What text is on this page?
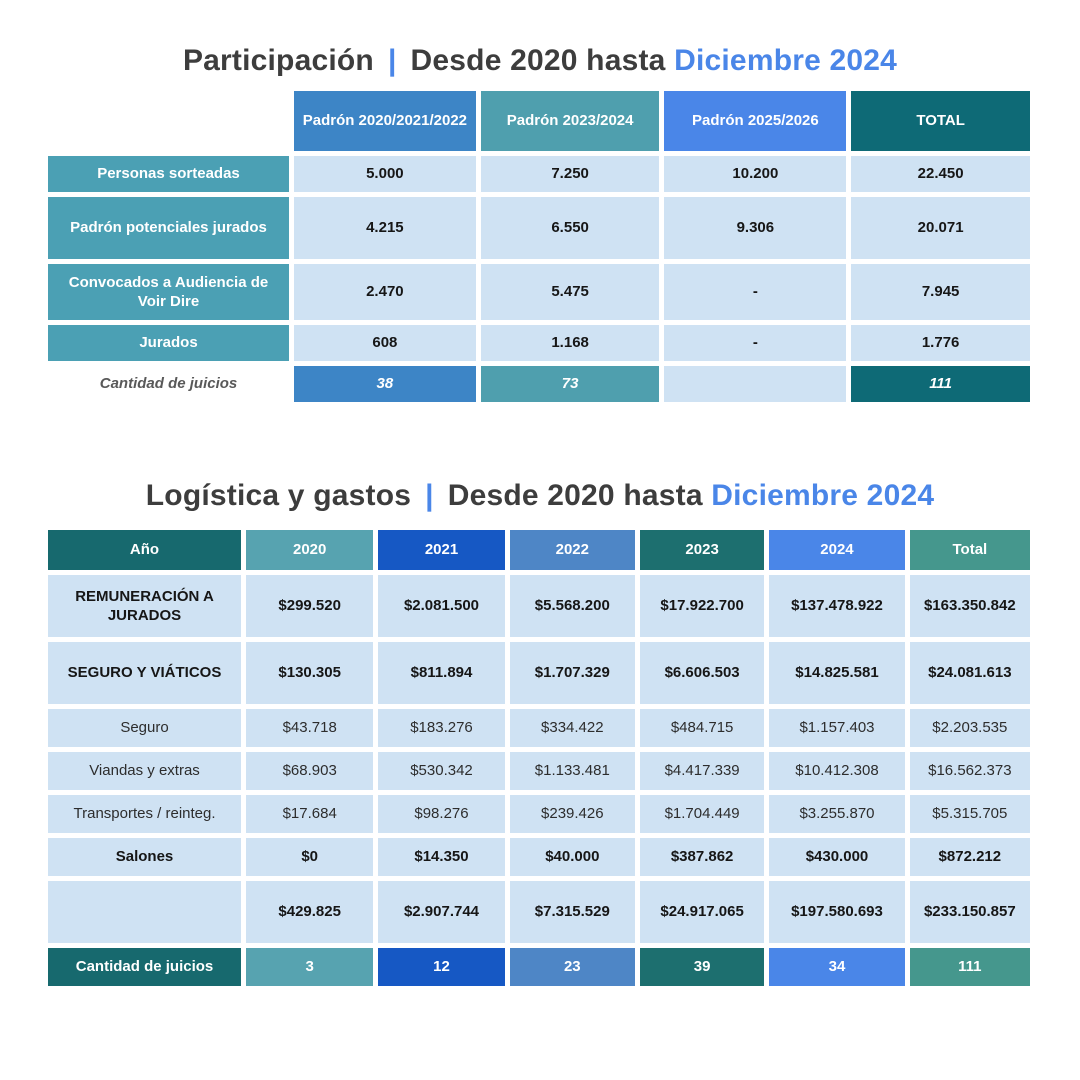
Participación | Desde 2020 hasta Diciembre 2024
	Padrón 2020/2021/2022	Padrón 2023/2024	Padrón 2025/2026	TOTAL
Personas sorteadas	5.000	7.250	10.200	22.450
Padrón potenciales jurados	4.215	6.550	9.306	20.071
Convocados a Audiencia de Voir Dire	2.470	5.475	-	7.945
Jurados	608	1.168	-	1.776
Cantidad de juicios	38	73		111
Logística y gastos | Desde 2020 hasta Diciembre 2024
Año	2020	2021	2022	2023	2024	Total
REMUNERACIÓN A JURADOS	$299.520	$2.081.500	$5.568.200	$17.922.700	$137.478.922	$163.350.842
SEGURO Y VIÁTICOS	$130.305	$811.894	$1.707.329	$6.606.503	$14.825.581	$24.081.613
Seguro	$43.718	$183.276	$334.422	$484.715	$1.157.403	$2.203.535
Viandas y extras	$68.903	$530.342	$1.133.481	$4.417.339	$10.412.308	$16.562.373
Transportes / reinteg.	$17.684	$98.276	$239.426	$1.704.449	$3.255.870	$5.315.705
Salones	$0	$14.350	$40.000	$387.862	$430.000	$872.212
	$429.825	$2.907.744	$7.315.529	$24.917.065	$197.580.693	$233.150.857
Cantidad de juicios	3	12	23	39	34	111
